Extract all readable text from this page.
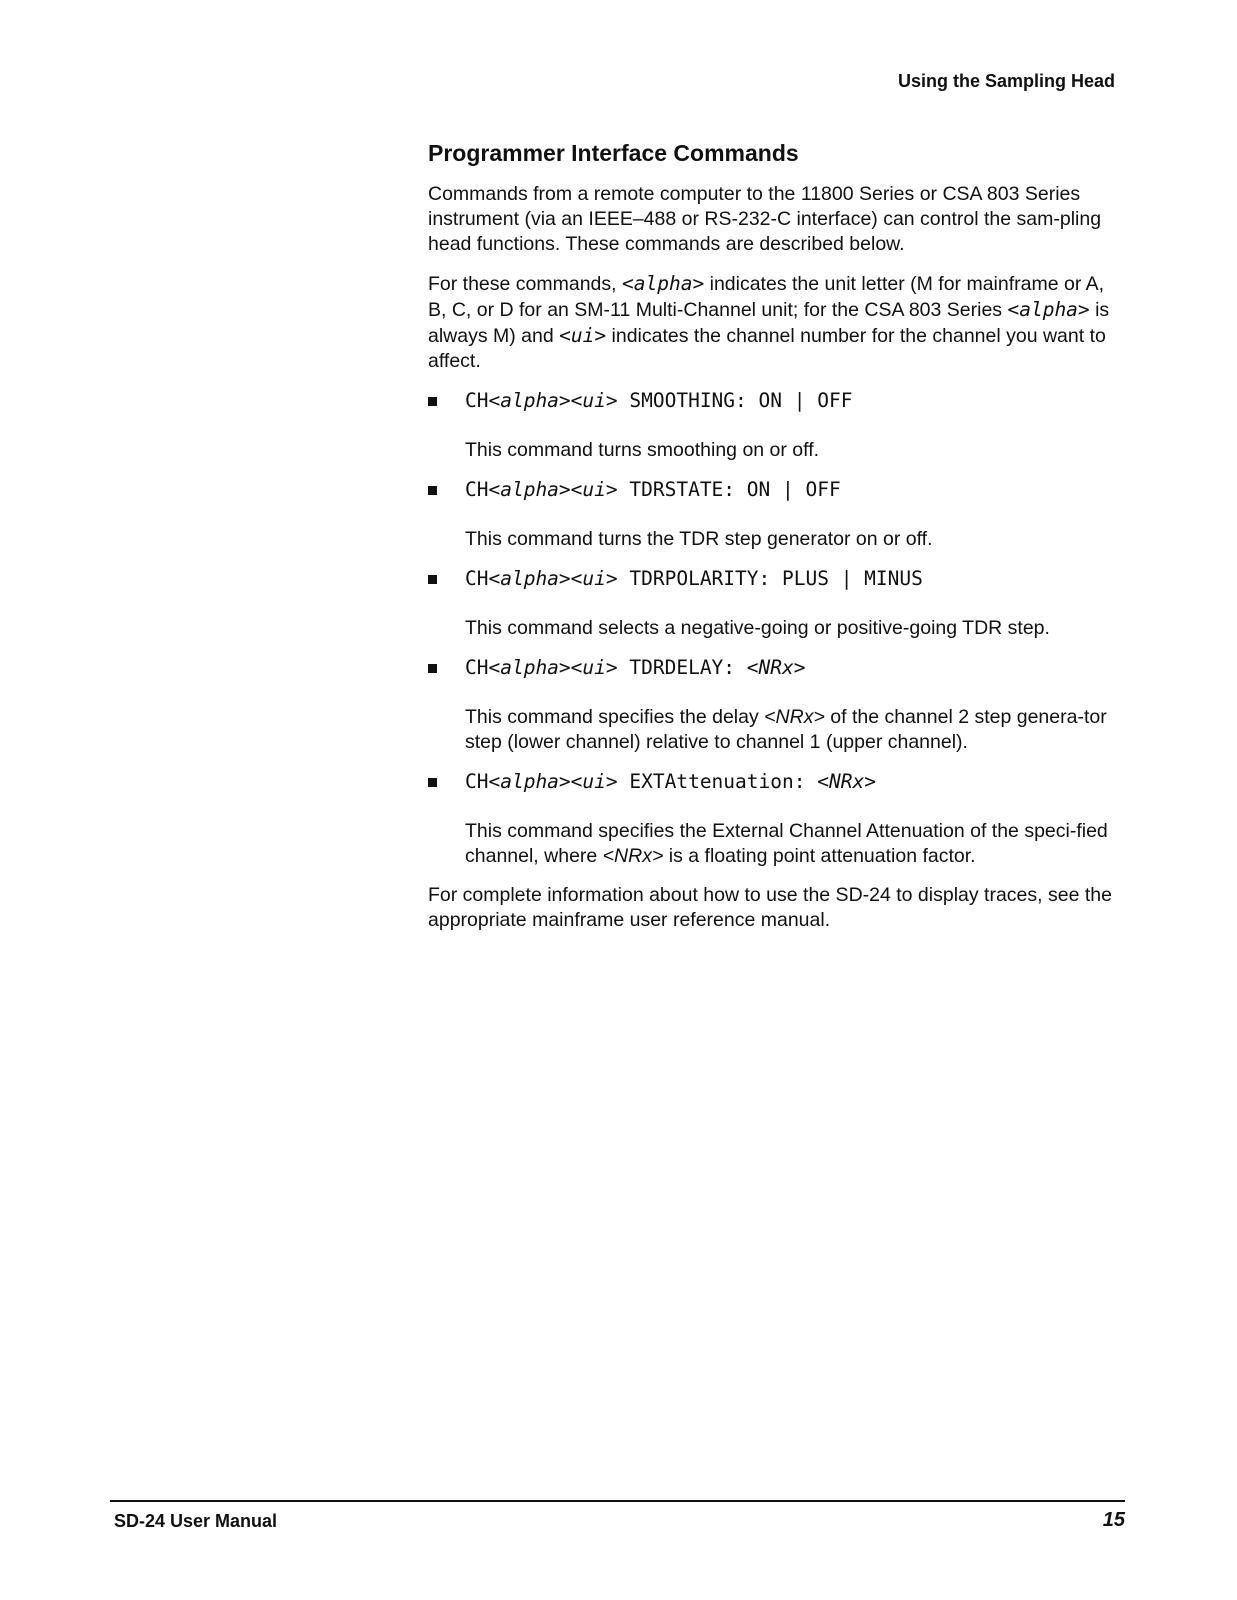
Using the Sampling Head
Programmer Interface Commands

Commands from a remote computer to the 11800 Series or CSA 803 Series instrument (via an IEEE–488 or RS-232-C interface) can control the sam-pling head functions. These commands are described below.

For these commands, <alpha> indicates the unit letter (M for mainframe or A, B, C, or D for an SM-11 Multi-Channel unit; for the CSA 803 Series <alpha> is always M) and <ui> indicates the channel number for the channel you want to affect.

CH<alpha><ui> SMOOTHING: ON | OFF

This command turns smoothing on or off.

CH<alpha><ui> TDRSTATE: ON | OFF

This command turns the TDR step generator on or off.

CH<alpha><ui> TDRPOLARITY: PLUS | MINUS

This command selects a negative-going or positive-going TDR step.

CH<alpha><ui> TDRDELAY: <NRx>

This command specifies the delay <NRx> of the channel 2 step genera-tor step (lower channel) relative to channel 1 (upper channel).

CH<alpha><ui> EXTAttenuation: <NRx>

This command specifies the External Channel Attenuation of the speci-fied channel, where <NRx> is a floating point attenuation factor.

For complete information about how to use the SD-24 to display traces, see the appropriate mainframe user reference manual.

SD-24 User Manual	15
